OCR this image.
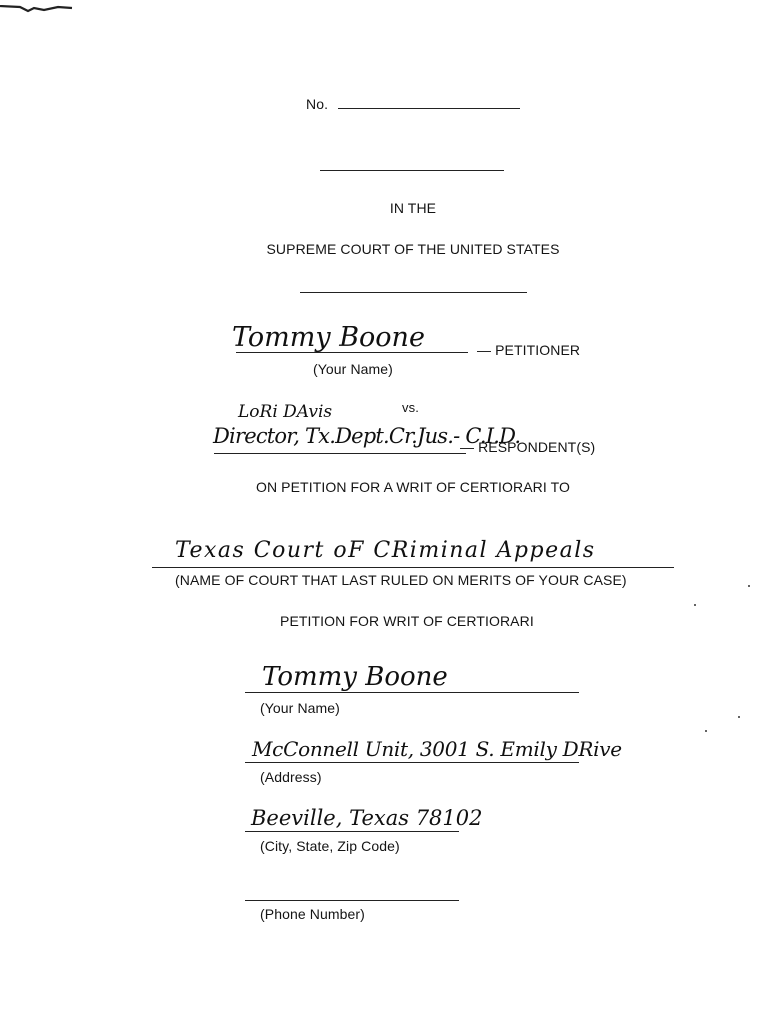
No.
IN THE
SUPREME COURT OF THE UNITED STATES
Tommy Boone	— PETITIONER
(Your Name)
LoRi DAvis	vs.
Director, Tx.Dept.Cr.Jus.- C.I.D.
— RESPONDENT(S)
ON PETITION FOR A WRIT OF CERTIORARI TO
Texas Court oF CRiminal Appeals
(NAME OF COURT THAT LAST RULED ON MERITS OF YOUR CASE)
PETITION FOR WRIT OF CERTIORARI
Tommy Boone
(Your Name)
McConnell Unit, 3001 S. Emily DRive
(Address)
Beeville, Texas 78102
(City, State, Zip Code)
(Phone Number)
